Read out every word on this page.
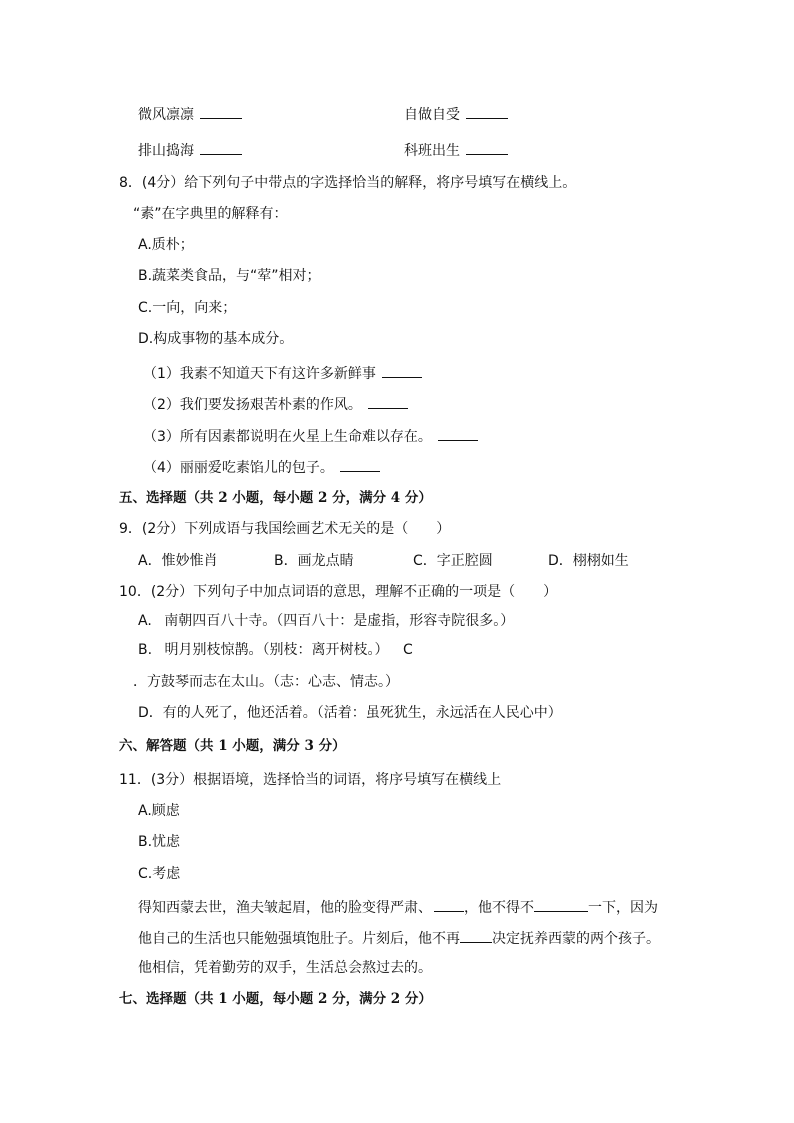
微风凛凛	自做自受
排山捣海	科班出生
8．(4分）给下列句子中带点的字选择恰当的解释，将序号填写在横线上。
“素”在字典里的解释有：
A.质朴；
B.蔬菜类食品，与“荤”相对；
C.一向，向来；
D.构成事物的基本成分。
（1）我素不知道天下有这许多新鲜事
（2）我们要发扬艰苦朴素的作风。
（3）所有因素都说明在火星上生命难以存在。
（4）丽丽爱吃素馅儿的包子。
五、选择题（共 2 小题，每小题 2 分，满分 4 分）
9．(2分）下列成语与我国绘画艺术无关的是（　　）
A．惟妙惟肖	B．画龙点睛	C．字正腔圆	D．栩栩如生
10．(2分）下列句子中加点词语的意思，理解不正确的一项是（　　）
A. 南朝四百八十寺。（四百八十：是虚指，形容寺院很多。）
B. 明月别枝惊鹊。（别枝：离开树枝。） C
．方鼓琴而志在太山。（志：心志、情志。）
D．有的人死了，他还活着。（活着：虽死犹生，永远活在人民心中）
六、解答题（共 1 小题，满分 3 分）
11．(3分）根据语境，选择恰当的词语，将序号填写在横线上
A.顾虑
B.忧虑
C.考虑
得知西蒙去世，渔夫皱起眉，他的脸变得严肃、 ，他不得不	一下，因为
他自己的生活也只能勉强填饱肚子。片刻后，他不再 决定抚养西蒙的两个孩子。
他相信，凭着勤劳的双手，生活总会熬过去的。
七、选择题（共 1 小题，每小题 2 分，满分 2 分）
